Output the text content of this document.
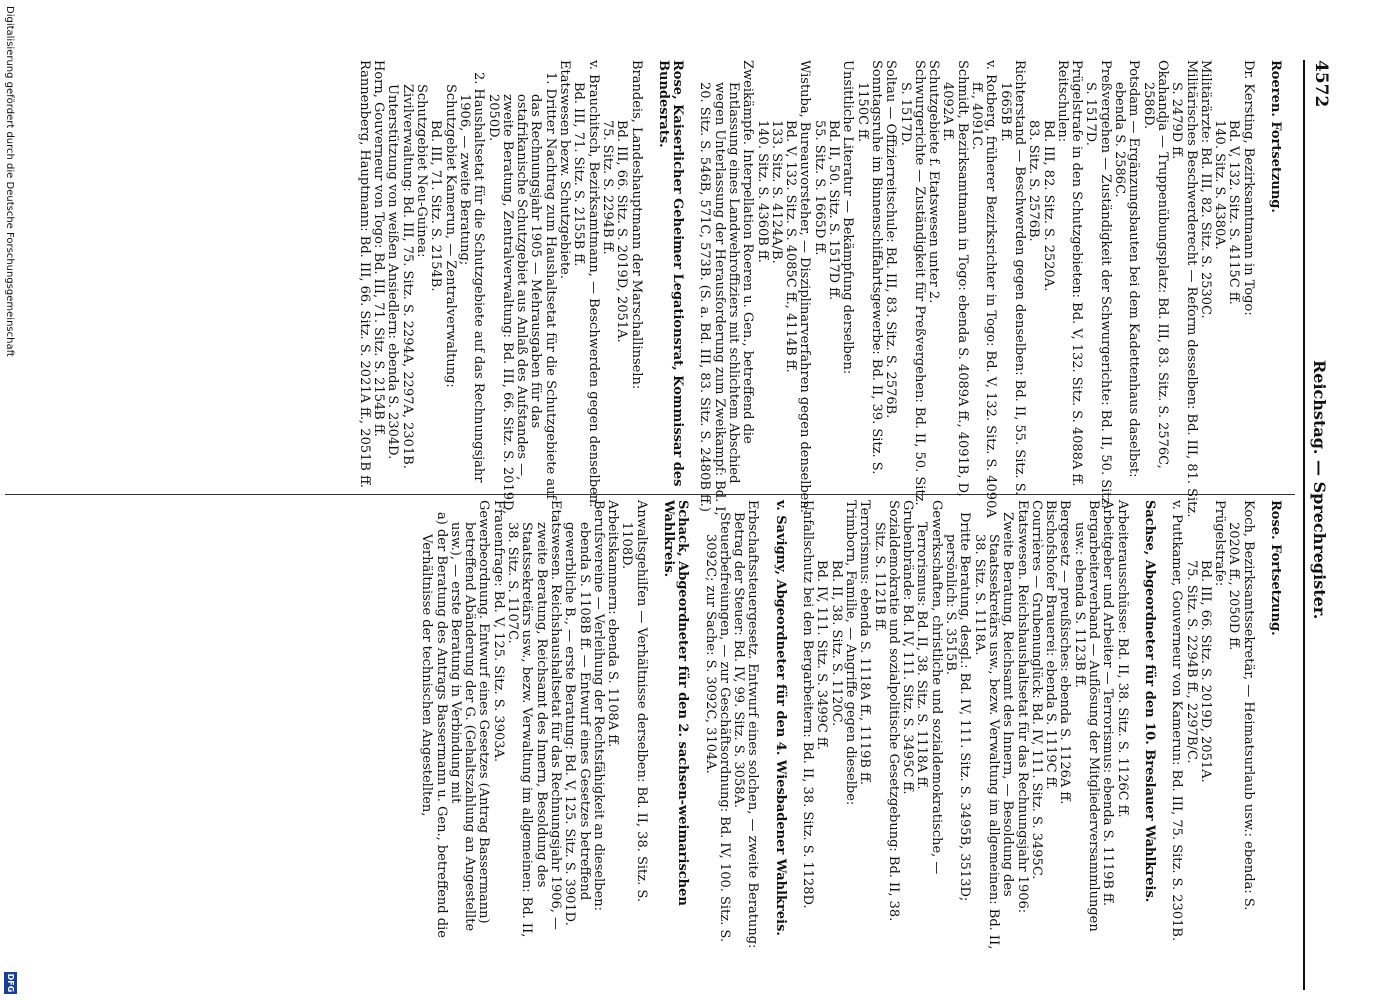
4572
Reichstag. — Sprechregister.

Roeren. Fortsetzung.

Dr. Kersting, Bezirksamtmann in Togo:

Bd. V, 132. Sitz. S. 4115C ff.

140. Sitz. S. 4380A.

Militärärzte: Bd. III, 82. Sitz. S. 2530C.

Militärisches Beschwerderecht — Reform desselben: Bd. III, 81. Sitz. S. 2479D ff.

Okahandja — Truppenübungsplatz: Bd. III, 83. Sitz. S. 2576C, 2586D.

Potsdam — Ergänzungsbauten bei dem Kadettenhaus daselbst: ebenda S. 2586C.

Preßvergehen — Zuständigkeit der Schwurgerichte: Bd. II, 50. Sitz. S. 1517D.

Prügelstrafe in den Schutzgebieten: Bd. V, 132. Sitz. S. 4088A ff.

Reitschulen:

Bd. III, 82. Sitz. S. 2520A.

83. Sitz. S. 2576B.

Richterstand — Beschwerden gegen denselben: Bd. II, 55. Sitz. S. 1665B ff.

v. Rotberg, früherer Bezirksrichter in Togo: Bd. V, 132. Sitz. S. 4090A ff., 4091C.

Schmidt, Bezirksamtmann in Togo: ebenda S. 4089A ff., 4091B, D, 4092A ff.

Schutzgebiete f. Etatswesen unter 2.

Schwurgerichte — Zuständigkeit für Preßvergehen: Bd. II, 50. Sitz. S. 1517D.

Soltau — Offizierreitschule: Bd. III, 83. Sitz. S. 2576B.

Sonntagsruhe im Binnenschiffahrtsgewerbe: Bd. II, 39. Sitz. S. 1150C ff.

Unsittliche Literatur — Bekämpfung derselben:

Bd. II, 50. Sitz. S. 1517D ff.

55. Sitz. S. 1665D ff.

Wistuba, Bureauvorsteher, — Disziplinarverfahren gegen denselben:

Bd. V, 132. Sitz. S. 4085C ff., 4114B ff.

133. Sitz. S. 4124A/B.

140. Sitz. S. 4360B ff.

Zweikämpfe. Interpellation Roeren u. Gen., betreffend die Entlassung eines Landwehroffiziers mit schlichtem Abschied wegen Unterlassung der Herausforderung zum Zweikampf: Bd. I, 20. Sitz. S. 546B, 571C, 573B. (S. a. Bd. III, 83. Sitz. S. 2480B ff.)

Rose, Kaiserlicher Geheimer Legationsrat, Kommissar des Bundesrats.

Brandeis, Landeshauptmann der Marschallinseln:

Bd. III, 66. Sitz. S. 2019D, 2051A.

75. Sitz. S. 2294B ff.

v. Brauchitsch, Bezirksamtmann, — Beschwerden gegen denselben: Bd. III, 71. Sitz. S. 2155B ff.

Etatswesen bezw. Schutzgebiete.

1. Dritter Nachtrag zum Haushaltsetat für die Schutzgebiete auf das Rechnungsjahr 1905 — Mehrausgaben für das ostafrikanische Schutzgebiet aus Anlaß des Aufstandes —, zweite Beratung, Zentralverwaltung: Bd. III, 66. Sitz. S. 2019D, 2050D.

2. Haushaltsetat für die Schutzgebiete auf das Rechnungsjahr 1906, — zweite Beratung;

Schutzgebiet Kamerun, — Zentralverwaltung:

Bd. III, 71. Sitz. S. 2154B.

Schutzgebiet Neu-Guinea:

Zivilverwaltung: Bd. III, 75. Sitz. S. 2294A, 2297A, 2301B.

Unterstützung von weißen Ansiedlern: ebenda S. 2304D.

Horn, Gouverneur von Togo: Bd. III, 71. Sitz. S. 2154B ff.

Rannenberg, Hauptmann: Bd. III, 66. Sitz. S. 2021A ff., 2051B ff.

Rose. Fortsetzung.

Koch, Bezirksamtssekretär, — Heimatsurlaub usw.: ebenda: S. 2020A ff., 2050D ff.

Prügelstrafe:

Bd. III, 66. Sitz. S. 2019D, 2051A.

75. Sitz. S. 2294B ff., 2297B/C.

v. Puttkamer, Gouverneur von Kamerun: Bd. III, 75. Sitz. S. 2301B.

Sachse, Abgeordneter für den 10. Breslauer Wahlkreis.

Arbeiterausschüsse: Bd. II, 38. Sitz. S. 1126C ff.

Arbeitgeber und Arbeiter — Terrorismus: ebenda S. 1119B ff.

Bergarbeiterverband — Auflösung der Mitgliederversammlungen usw.: ebenda S. 1123B ff.

Bergesetz — preußisches: ebenda S. 1126A ff.

Bischofshofer Brauerei: ebenda S. 1119C ff.

Courrières — Grubenunglück: Bd. IV, 111. Sitz. S. 3495C.

Etatswesen. Reichshaushaltsetat für das Rechnungsjahr 1906:

Zweite Beratung, Reichsamt des Innern, — Besoldung des Staatssekretärs usw., bezw. Verwaltung im allgemeinen: Bd. II, 38. Sitz. S. 1118A.

Dritte Beratung, desgl.: Bd. IV, 111. Sitz. S. 3495B, 3513D; persönlich: S. 3515B.

Gewerkschaften, christliche und sozialdemokratische, — Terrorismus: Bd. II, 38. Sitz. S. 1118A ff.

Grubenbrände: Bd. IV, 111. Sitz. S. 3495C ff.

Sozialdemokratie und sozialpolitische Gesetzgebung: Bd. II, 38. Sitz. S. 1121B ff.

Terrorismus: ebenda S. 1118A ff., 1119B ff.

Trimborn, Familie, — Angriffe gegen dieselbe:

Bd. II, 38. Sitz. S. 1120C.

Bd. IV, 111. Sitz. S. 3499C ff.

Unfallschutz bei den Bergarbeitern: Bd. II, 38. Sitz. S. 1128D.

v. Savigny, Abgeordneter für den 4. Wiesbadener Wahlkreis.

Erbschaftssteuergesetz. Entwurf eines solchen, — zweite Beratung:

Betrag der Steuer: Bd. IV, 99. Sitz. S. 3058A.

Steuerbefreiungen, — zur Geschäftsordnung: Bd. IV, 100. Sitz. S. 3092C; zur Sache: S. 3092C, 3104A.

Schack, Abgeordneter für den 2. sachsen-weimarischen Wahlkreis.

Anwaltsgehilfen — Verhältnisse derselben: Bd. II, 38. Sitz. S. 1108D.

Arbeitskammern: ebenda S. 1108A ff.

Berufsvereine — Verleihung der Rechtsfähigkeit an dieselben: ebenda S. 1108B ff. — Entwurf eines Gesetzes betreffend gewerbliche B., — erste Beratung: Bd. V, 125. Sitz. S. 3901D.

Etatswesen. Reichshaushaltsetat für das Rechnungsjahr 1906, — zweite Beratung, Reichsamt des Innern, Besoldung des Staatssekretärs usw., bezw. Verwaltung im allgemeinen: Bd. II, 38. Sitz. S. 1107C.

Frauenfrage: Bd. V, 125. Sitz. S. 3903A.

Gewerbeordnung. Entwurf eines Gesetzes (Antrag Bassermann) betreffend Abänderung der G. (Gehaltszahlung an Angestellte usw.), — erste Beratung in Verbindung mit

a) der Beratung des Antrags Bassermann u. Gen., betreffend die Verhältnisse der technischen Angestellten,

Digitalisierung gefördert durch die Deutsche Forschungsgemeinschaft
DFG
